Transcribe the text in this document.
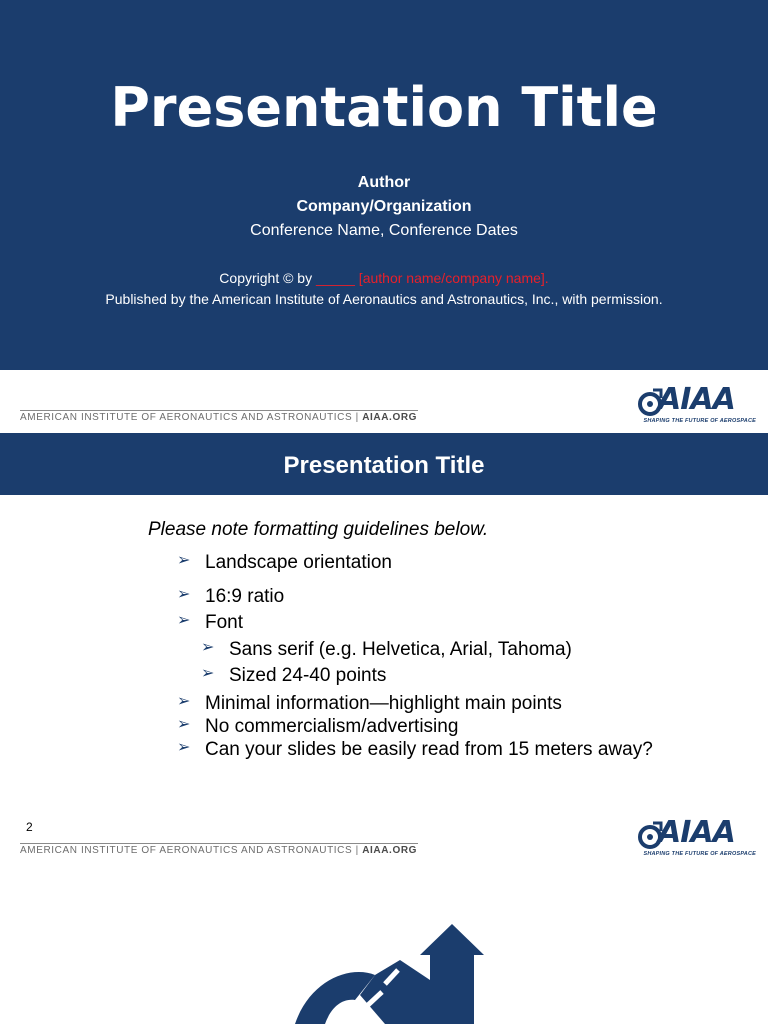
Presentation Title
Author
Company/Organization
Conference Name, Conference Dates
Copyright © by _____ [author name/company name].
Published by the American Institute of Aeronautics and Astronautics, Inc., with permission.
AMERICAN INSTITUTE OF AERONAUTICS AND ASTRONAUTICS | AIAA.ORG
AIAA
SHAPING THE FUTURE OF AEROSPACE
Presentation Title
Please note formatting guidelines below.
➢ Landscape orientation
➢ 16:9 ratio
➢ Font
➢ Sans serif (e.g. Helvetica, Arial, Tahoma)
➢ Sized 24-40 points
➢ Minimal information—highlight main points
➢ No commercialism/advertising
➢ Can your slides be easily read from 15 meters away?
2
AMERICAN INSTITUTE OF AERONAUTICS AND ASTRONAUTICS | AIAA.ORG
AIAA
SHAPING THE FUTURE OF AEROSPACE
